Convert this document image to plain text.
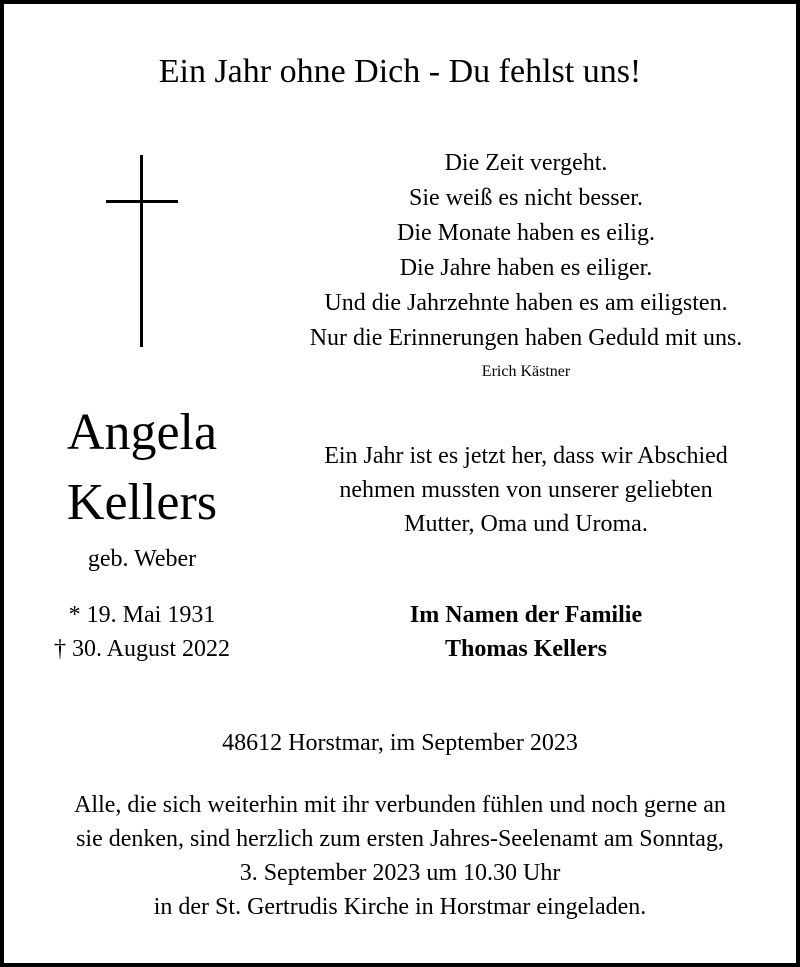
Ein Jahr ohne Dich - Du fehlst uns!
Die Zeit vergeht.
Sie weiß es nicht besser.
Die Monate haben es eilig.
Die Jahre haben es eiliger.
Und die Jahrzehnte haben es am eiligsten.
Nur die Erinnerungen haben Geduld mit uns.
Erich Kästner
Angela
Kellers
geb. Weber
* 19. Mai 1931
† 30. August 2022
Ein Jahr ist es jetzt her, dass wir Abschied
nehmen mussten von unserer geliebten
Mutter, Oma und Uroma.
Im Namen der Familie
Thomas Kellers
48612 Horstmar, im September 2023
Alle, die sich weiterhin mit ihr verbunden fühlen und noch gerne an
sie denken, sind herzlich zum ersten Jahres-Seelenamt am Sonntag,
3. September 2023 um 10.30 Uhr
in der St. Gertrudis Kirche in Horstmar eingeladen.
